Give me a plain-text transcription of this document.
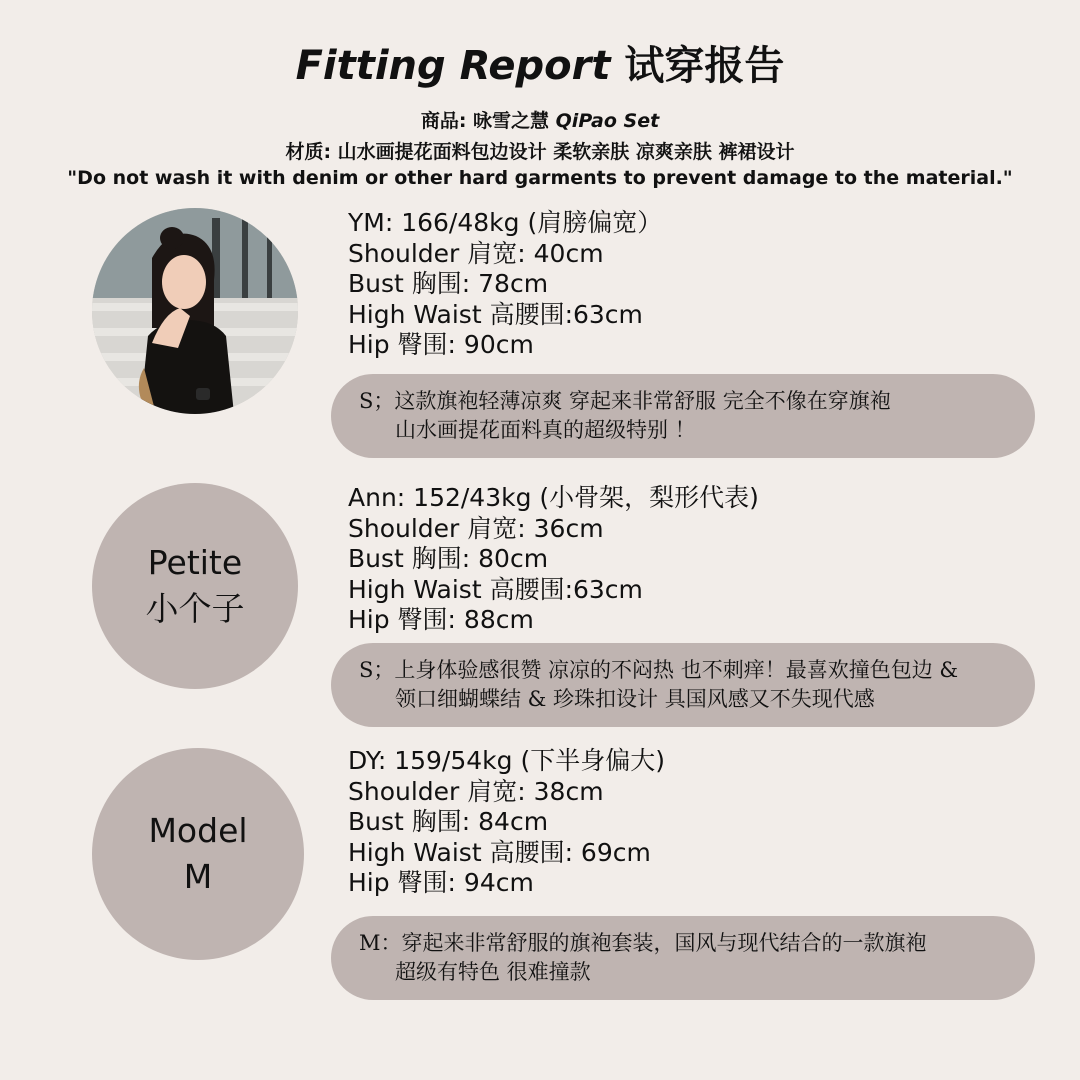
Fitting Report 试穿报告
商品: 咏雪之慧 QiPao Set
材质: 山水画提花面料包边设计 柔软亲肤 凉爽亲肤 裤裙设计
"Do not wash it with denim or other hard garments to prevent damage to the material."
YM: 166/48kg (肩膀偏宽）
Shoulder 肩宽: 40cm
Bust 胸围: 78cm
High Waist 高腰围:63cm
Hip 臀围: 90cm
S；这款旗袍轻薄凉爽 穿起来非常舒服 完全不像在穿旗袍
山水画提花面料真的超级特别 ！
Petite
小个子
Ann: 152/43kg (小骨架，梨形代表)
Shoulder 肩宽: 36cm
Bust 胸围: 80cm
High Waist 高腰围:63cm
Hip 臀围: 88cm
S；上身体验感很赞 凉凉的不闷热 也不刺痒！最喜欢撞色包边 &
领口细蝴蝶结 & 珍珠扣设计 具国风感又不失现代感
Model
M
DY: 159/54kg (下半身偏大)
Shoulder 肩宽: 38cm
Bust 胸围: 84cm
High Waist 高腰围: 69cm
Hip 臀围: 94cm
M：穿起来非常舒服的旗袍套装，国风与现代结合的一款旗袍
超级有特色 很难撞款
